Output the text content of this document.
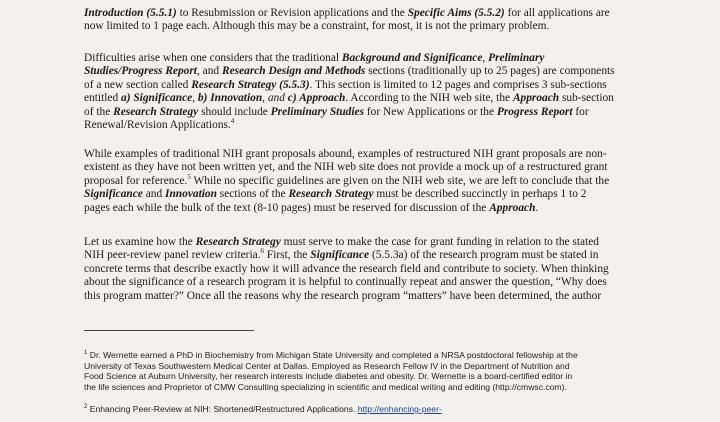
Introduction (5.5.1) to Resubmission or Revision applications and the Specific Aims (5.5.2) for all applications are
now limited to 1 page each. Although this may be a constraint, for most, it is not the primary problem.

Difficulties arise when one considers that the traditional Background and Significance, Preliminary
Studies/Progress Report, and Research Design and Methods sections (traditionally up to 25 pages) are components
of a new section called Research Strategy (5.5.3). This section is limited to 12 pages and comprises 3 sub-sections
entitled a) Significance, b) Innovation, and c) Approach. According to the NIH web site, the Approach sub-section
of the Research Strategy should include Preliminary Studies for New Applications or the Progress Report for
Renewal/Revision Applications.$^4$

While examples of traditional NIH grant proposals abound, examples of restructured NIH grant proposals are non-
existent as they have not been written yet, and the NIH web site does not provide a mock up of a restructured grant
proposal for reference.$^5$ While no specific guidelines are given on the NIH web site, we are left to conclude that the
Significance and Innovation sections of the Research Strategy must be described succinctly in perhaps 1 to 2
pages each while the bulk of the text (8-10 pages) must be reserved for discussion of the Approach.

Let us examine how the Research Strategy must serve to make the case for grant funding in relation to the stated
NIH peer-review panel review criteria.$^6$ First, the Significance (5.5.3a) of the research program must be stated in
concrete terms that describe exactly how it will advance the research field and contribute to society. When thinking
about the significance of a research program it is helpful to continually repeat and answer the question, “Why does
this program matter?” Once all the reasons why the research program “matters” have been determined, the author

$^1$ Dr. Wernette earned a PhD in Biochemistry from Michigan State University and completed a NRSA postdoctoral fellowship at the
University of Texas Southwestern Medical Center at Dallas. Employed as Research Fellow IV in the Department of Nutrition and
Food Science at Auburn University, her research interests include diabetes and obesity. Dr. Wernette is a board-certified editor in
the life sciences and Proprietor of CMW Consulting specializing in scientific and medical writing and editing (http://cmwsc.com).

$^2$ Enhancing Peer-Review at NIH: Shortened/Restructured Applications. http://enhancing-peer-
